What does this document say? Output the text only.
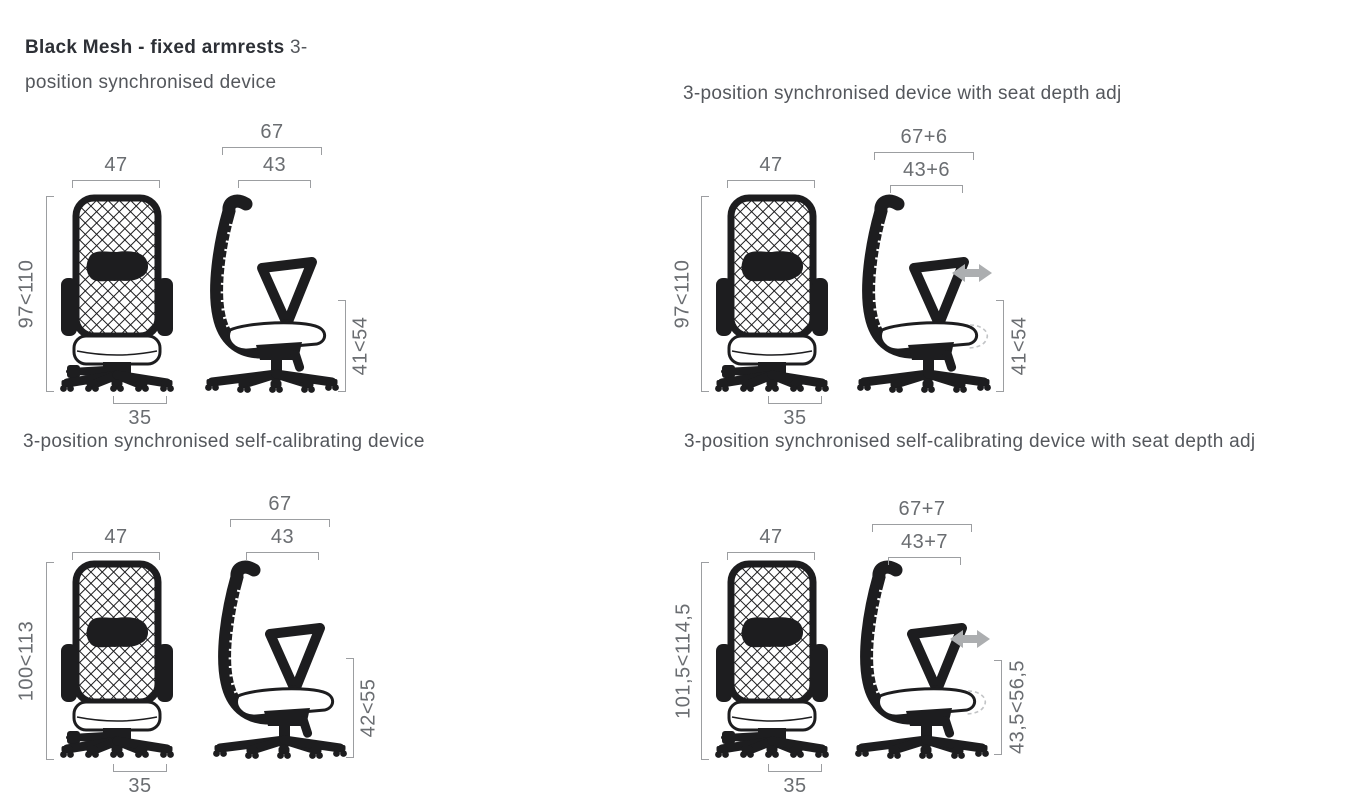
Black Mesh - fixed armrests 3-
position synchronised device
47
97<110
35
67
43
41<54
3-position synchronised device with seat depth adj
47
97<110
35
67+6
43+6
41<54
3-position synchronised self-calibrating device
47
100<113
35
67
43
42<55
3-position synchronised self-calibrating device with seat depth adj
47
101,5<114,5
35
67+7
43+7
43,5<56,5
